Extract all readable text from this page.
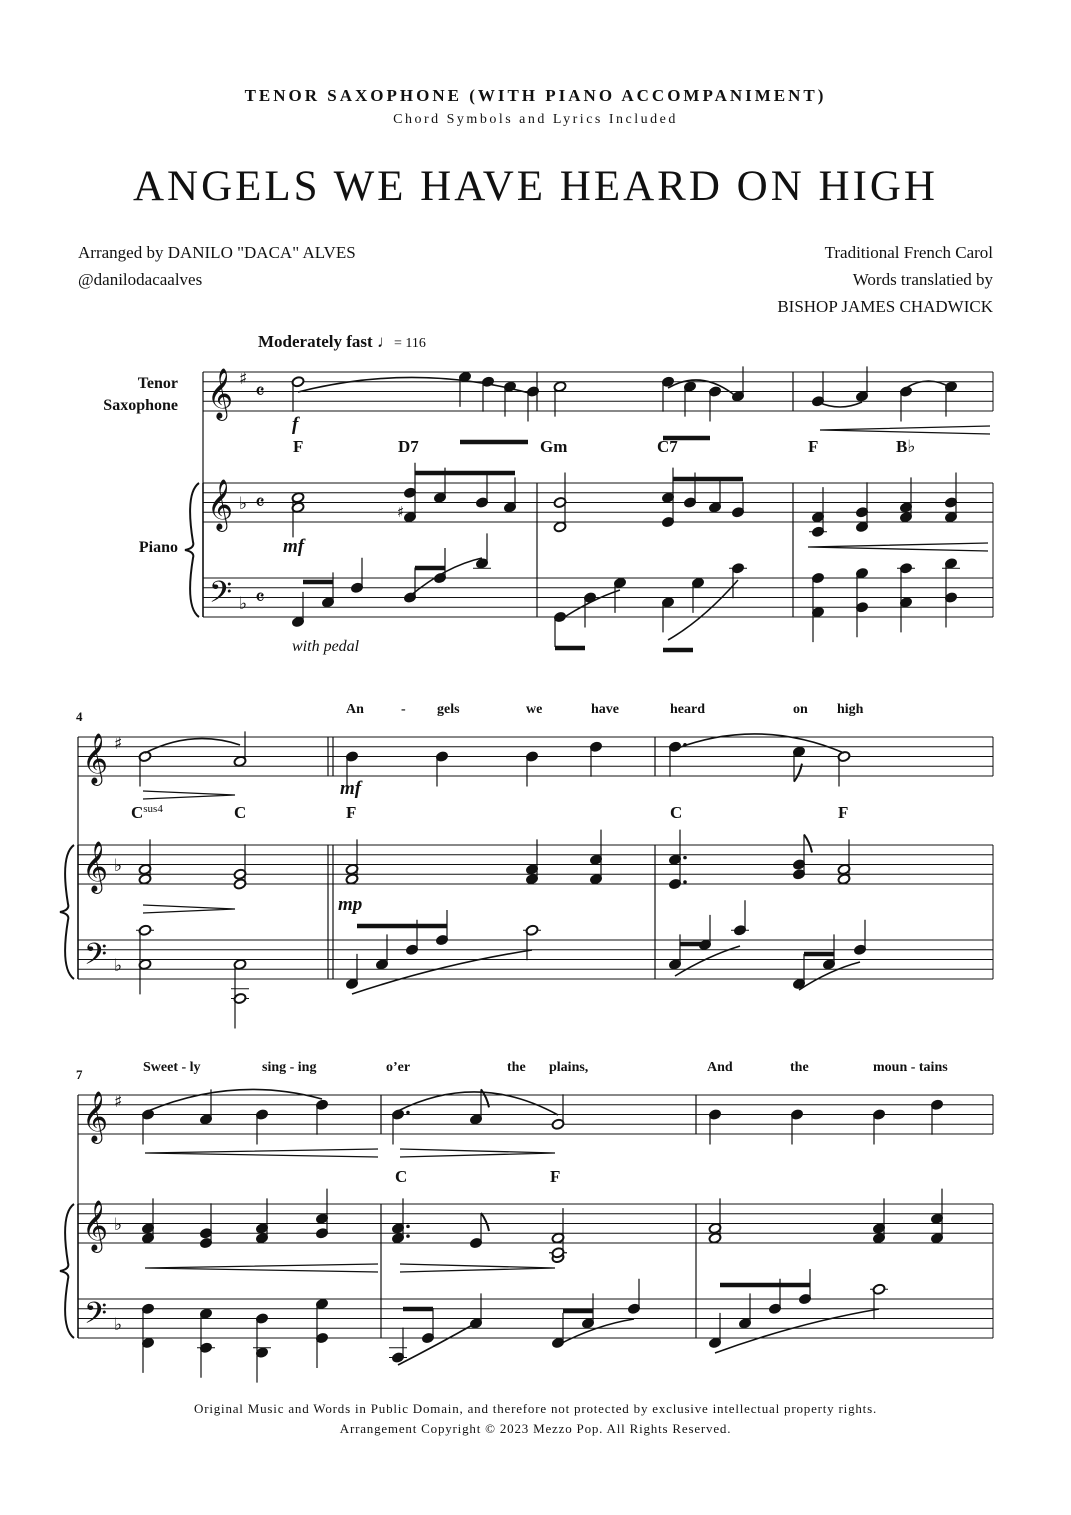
𝄞
𝄞
𝄢
♯
♭
♭
𝄴
𝄴
𝄴
𝄞
𝄞
𝄢
♯
♭
♭
𝄞
𝄞
𝄢
♯
♭
♭
♯
TENOR SAXOPHONE (WITH PIANO ACCOMPANIMENT)
Chord Symbols and Lyrics Included
ANGELS WE HAVE HEARD ON HIGH
Arranged by DANILO "DACA" ALVES
@danilodacaalves
Traditional French Carol
Words translatied by
BISHOP JAMES CHADWICK
Moderately fast ♩= 116
Tenor
Saxophone
Piano
f
F	D7	Gm	C7	F	B♭
mf
with pedal
4	An	- gels	we	have	heard	on high
mf
$C^{sus4}$	C	F	C	F
mp
7	Sweet - ly	sing - ing	o’er	the plains,	And	the	moun - tains
C	F
Original Music and Words in Public Domain, and therefore not protected by exclusive intellectual property rights.
Arrangement Copyright © 2023 Mezzo Pop. All Rights Reserved.
